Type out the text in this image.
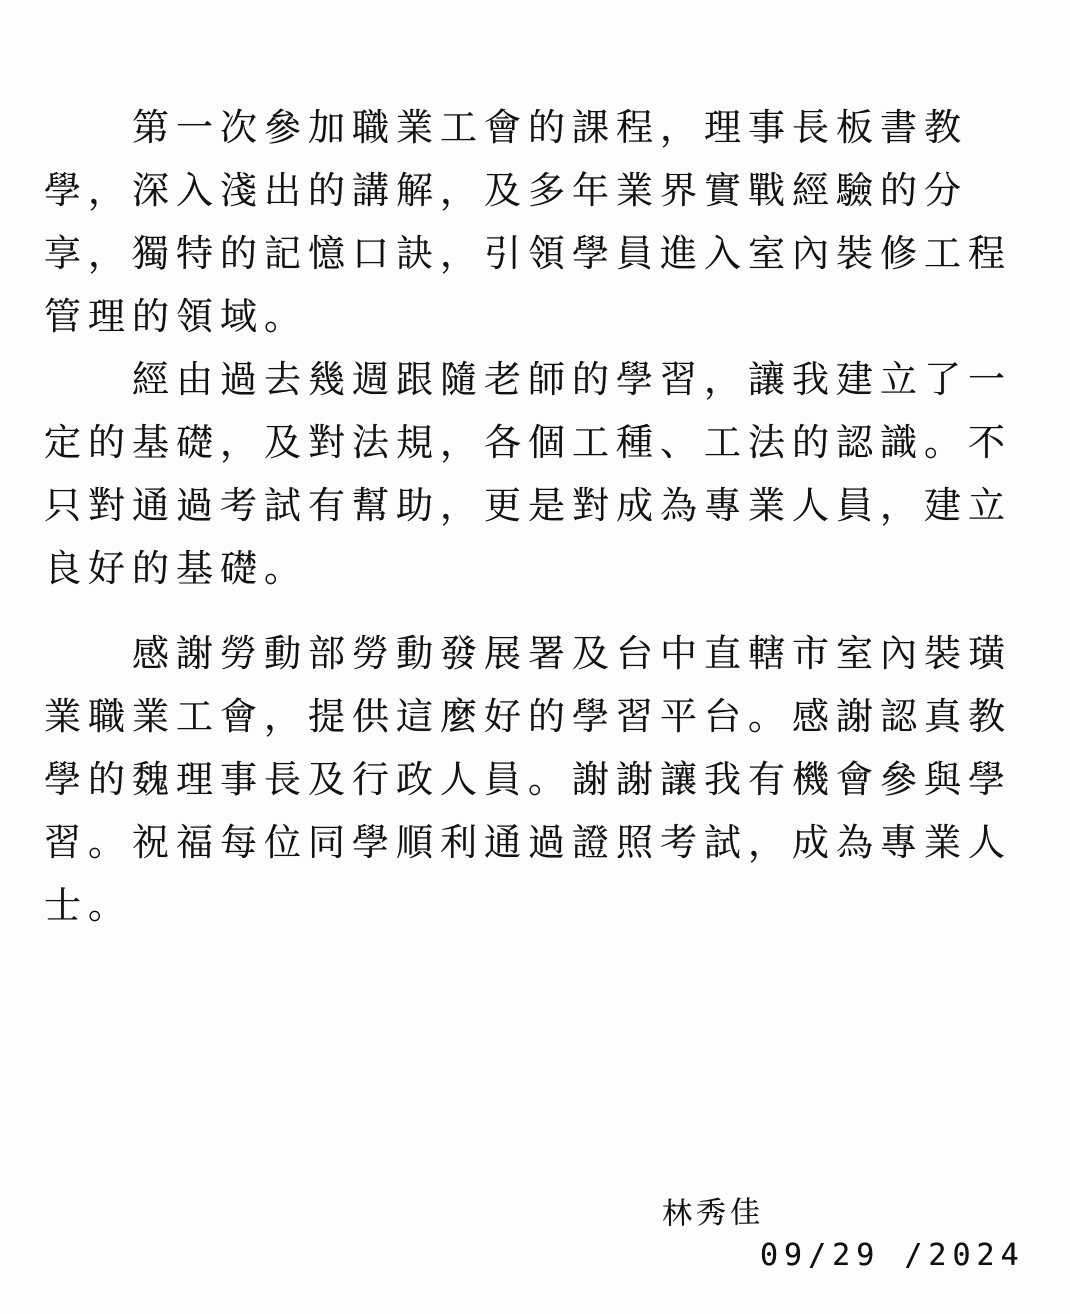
　　第一次參加職業工會的課程，理事長板書教學，深入淺出的講解，及多年業界實戰經驗的分享，獨特的記憶口訣，引領學員進入室內裝修工程管理的領域。

　　經由過去幾週跟隨老師的學習，讓我建立了一定的基礎，及對法規，各個工種、工法的認識。不只對通過考試有幫助，更是對成為專業人員，建立良好的基礎。

　　感謝勞動部勞動發展署及台中直轄市室內裝璜業職業工會，提供這麼好的學習平台。感謝認真教學的魏理事長及行政人員。謝謝讓我有機會參與學習。祝福每位同學順利通過證照考試，成為專業人士。

林秀佳
09/29 /2024
